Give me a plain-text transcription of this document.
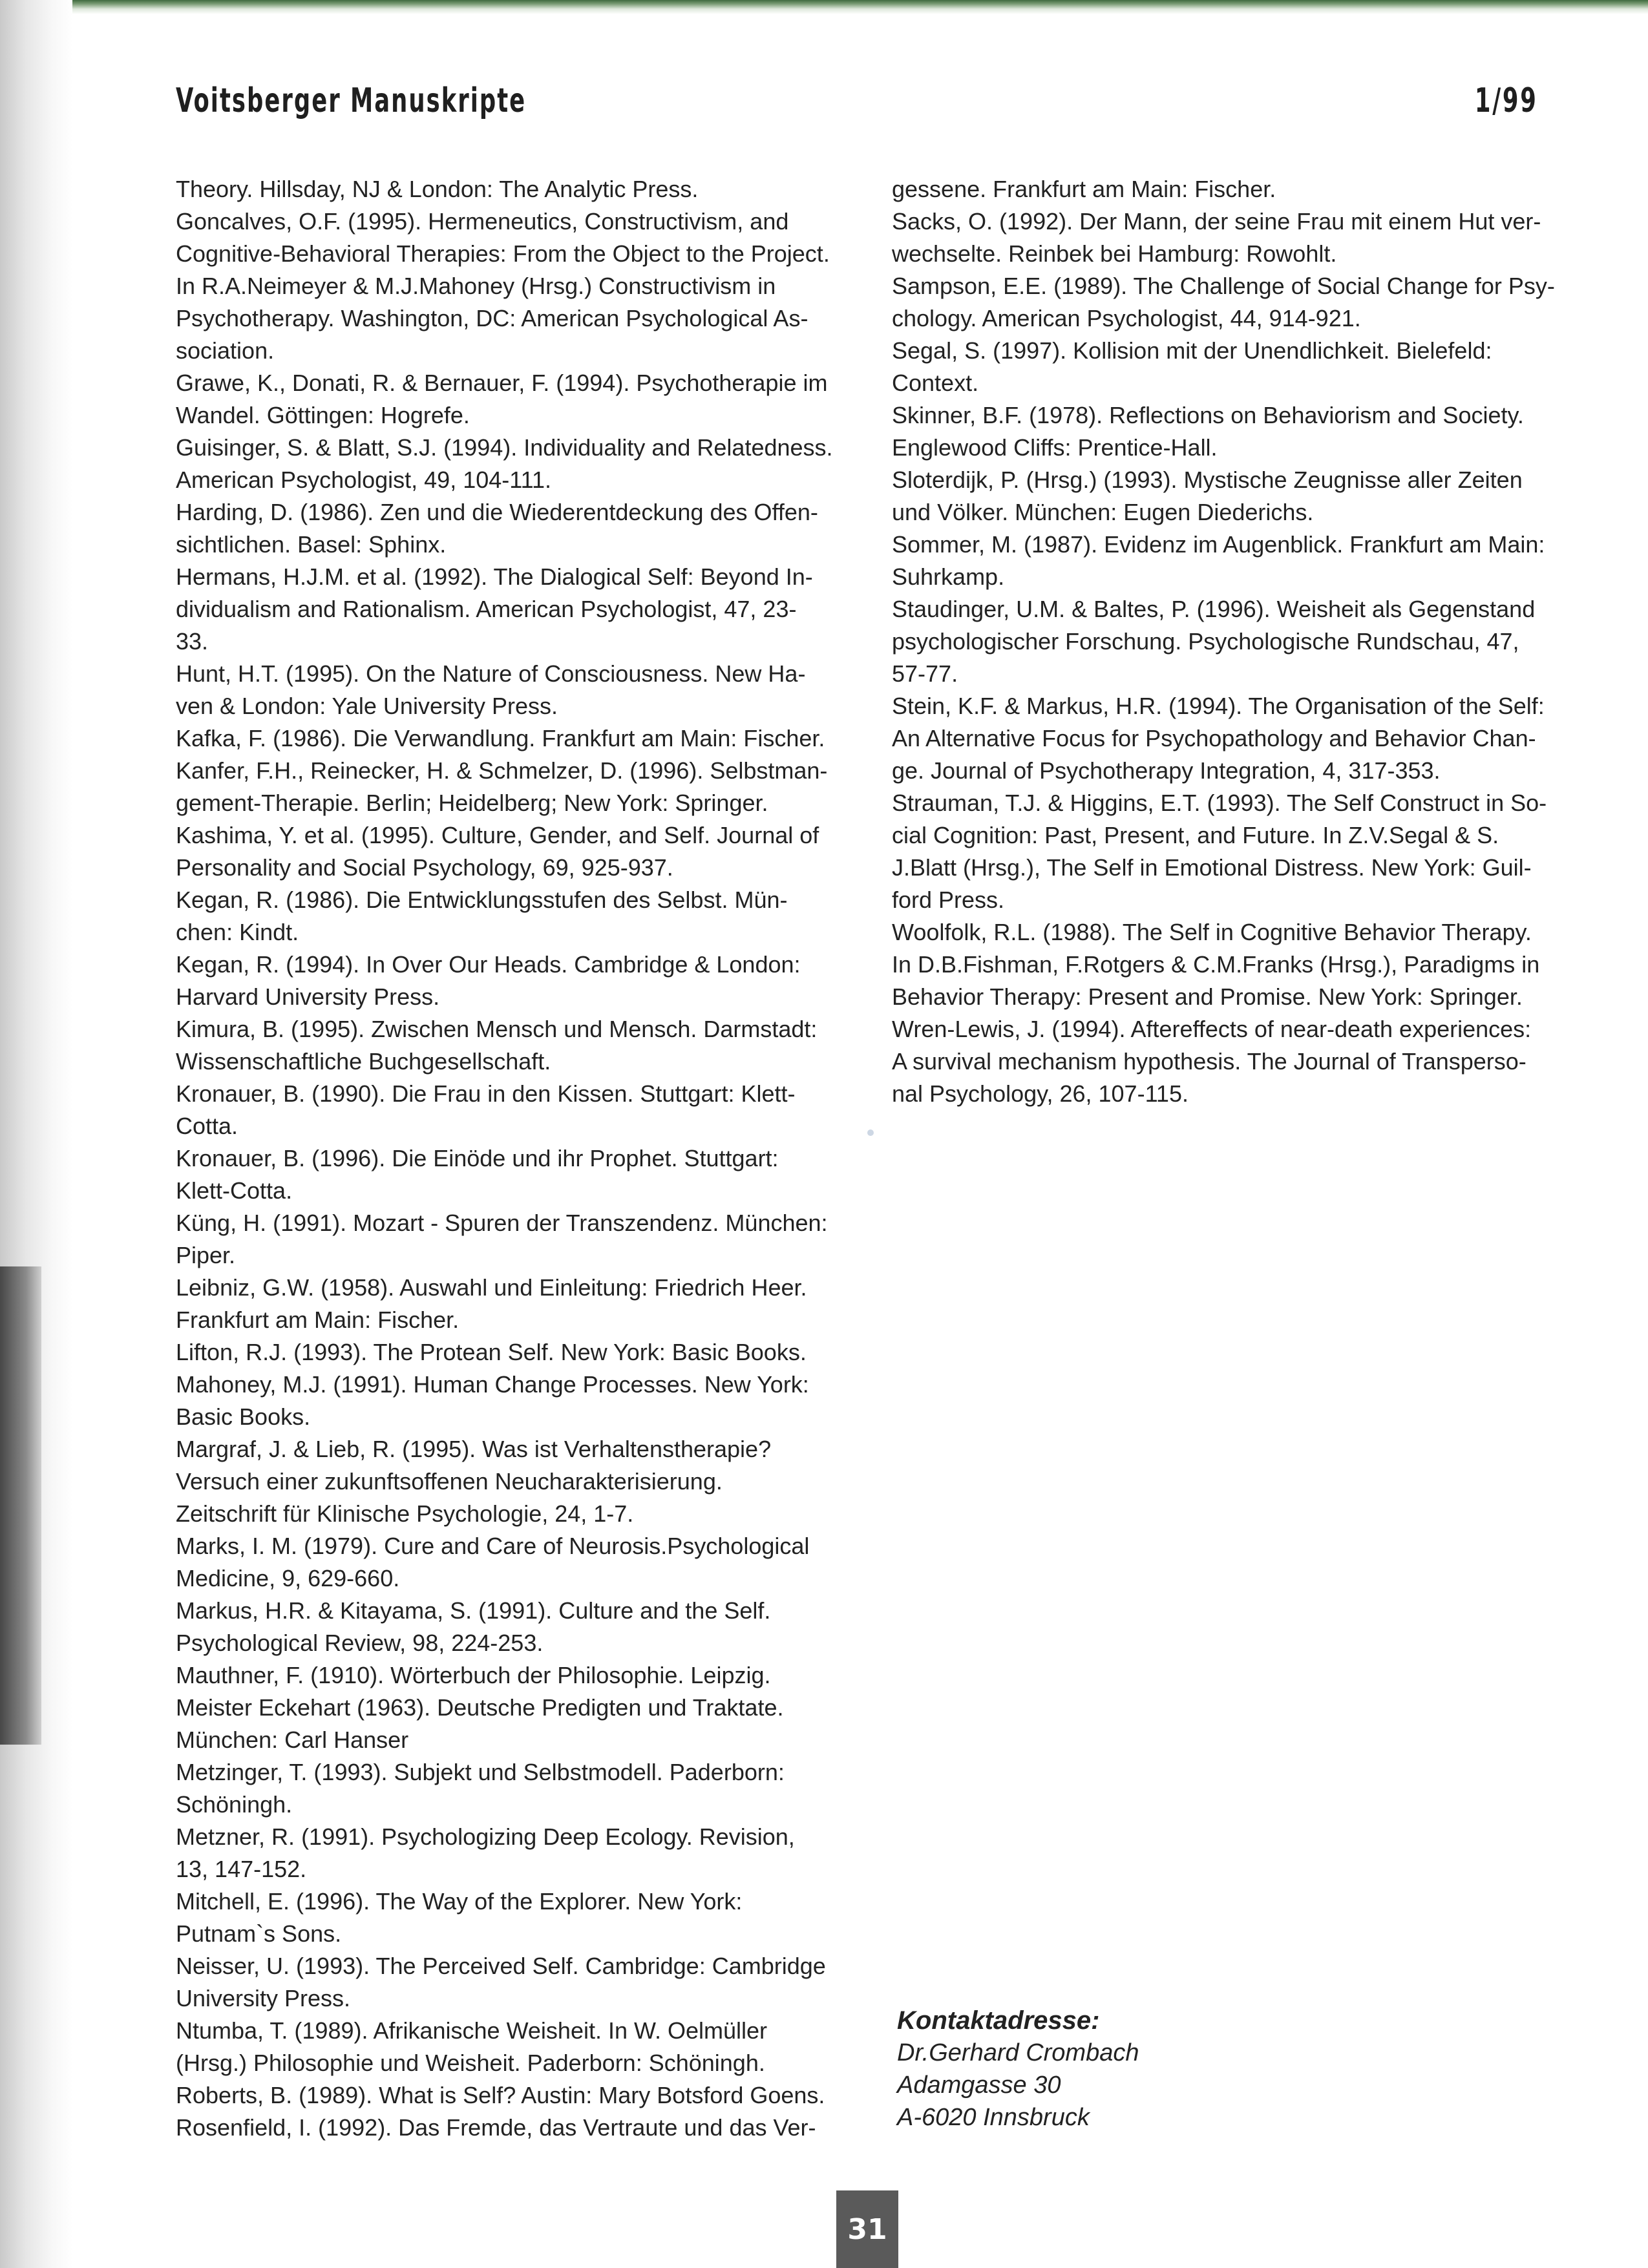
Voitsberger Manuskripte	1/99
Theory. Hillsday, NJ & London: The Analytic Press.
Goncalves, O.F. (1995). Hermeneutics, Constructivism, and
Cognitive-Behavioral Therapies: From the Object to the Project.
In R.A.Neimeyer & M.J.Mahoney (Hrsg.) Constructivism in
Psychotherapy. Washington, DC: American Psychological As-
sociation.
Grawe, K., Donati, R. & Bernauer, F. (1994). Psychotherapie im
Wandel. Göttingen: Hogrefe.
Guisinger, S. & Blatt, S.J. (1994). Individuality and Relatedness.
American Psychologist, 49, 104-111.
Harding, D. (1986). Zen und die Wiederentdeckung des Offen-
sichtlichen. Basel: Sphinx.
Hermans, H.J.M. et al. (1992). The Dialogical Self: Beyond In-
dividualism and Rationalism. American Psychologist, 47, 23-
33.
Hunt, H.T. (1995). On the Nature of Consciousness. New Ha-
ven & London: Yale University Press.
Kafka, F. (1986). Die Verwandlung. Frankfurt am Main: Fischer.
Kanfer, F.H., Reinecker, H. & Schmelzer, D. (1996). Selbstman-
gement-Therapie. Berlin; Heidelberg; New York: Springer.
Kashima, Y. et al. (1995). Culture, Gender, and Self. Journal of
Personality and Social Psychology, 69, 925-937.
Kegan, R. (1986). Die Entwicklungsstufen des Selbst. Mün-
chen: Kindt.
Kegan, R. (1994). In Over Our Heads. Cambridge & London:
Harvard University Press.
Kimura, B. (1995). Zwischen Mensch und Mensch. Darmstadt:
Wissenschaftliche Buchgesellschaft.
Kronauer, B. (1990). Die Frau in den Kissen. Stuttgart: Klett-
Cotta.
Kronauer, B. (1996). Die Einöde und ihr Prophet. Stuttgart:
Klett-Cotta.
Küng, H. (1991). Mozart - Spuren der Transzendenz. München:
Piper.
Leibniz, G.W. (1958). Auswahl und Einleitung: Friedrich Heer.
Frankfurt am Main: Fischer.
Lifton, R.J. (1993). The Protean Self. New York: Basic Books.
Mahoney, M.J. (1991). Human Change Processes. New York:
Basic Books.
Margraf, J. & Lieb, R. (1995). Was ist Verhaltenstherapie?
Versuch einer zukunftsoffenen Neucharakterisierung.
Zeitschrift für Klinische Psychologie, 24, 1-7.
Marks, I. M. (1979). Cure and Care of Neurosis.Psychological
Medicine, 9, 629-660.
Markus, H.R. & Kitayama, S. (1991). Culture and the Self.
Psychological Review, 98, 224-253.
Mauthner, F. (1910). Wörterbuch der Philosophie. Leipzig.
Meister Eckehart (1963). Deutsche Predigten und Traktate.
München: Carl Hanser
Metzinger, T. (1993). Subjekt und Selbstmodell. Paderborn:
Schöningh.
Metzner, R. (1991). Psychologizing Deep Ecology. Revision,
13, 147-152.
Mitchell, E. (1996). The Way of the Explorer. New York:
Putnam`s Sons.
Neisser, U. (1993). The Perceived Self. Cambridge: Cambridge
University Press.
Ntumba, T. (1989). Afrikanische Weisheit. In W. Oelmüller
(Hrsg.) Philosophie und Weisheit. Paderborn: Schöningh.
Roberts, B. (1989). What is Self? Austin: Mary Botsford Goens.
Rosenfield, I. (1992). Das Fremde, das Vertraute und das Ver-
gessene. Frankfurt am Main: Fischer.
Sacks, O. (1992). Der Mann, der seine Frau mit einem Hut ver-
wechselte. Reinbek bei Hamburg: Rowohlt.
Sampson, E.E. (1989). The Challenge of Social Change for Psy-
chology. American Psychologist, 44, 914-921.
Segal, S. (1997). Kollision mit der Unendlichkeit. Bielefeld:
Context.
Skinner, B.F. (1978). Reflections on Behaviorism and Society.
Englewood Cliffs: Prentice-Hall.
Sloterdijk, P. (Hrsg.) (1993). Mystische Zeugnisse aller Zeiten
und Völker. München: Eugen Diederichs.
Sommer, M. (1987). Evidenz im Augenblick. Frankfurt am Main:
Suhrkamp.
Staudinger, U.M. & Baltes, P. (1996). Weisheit als Gegenstand
psychologischer Forschung. Psychologische Rundschau, 47,
57-77.
Stein, K.F. & Markus, H.R. (1994). The Organisation of the Self:
An Alternative Focus for Psychopathology and Behavior Chan-
ge. Journal of Psychotherapy Integration, 4, 317-353.
Strauman, T.J. & Higgins, E.T. (1993). The Self Construct in So-
cial Cognition: Past, Present, and Future. In Z.V.Segal & S.
J.Blatt (Hrsg.), The Self in Emotional Distress. New York: Guil-
ford Press.
Woolfolk, R.L. (1988). The Self in Cognitive Behavior Therapy.
In D.B.Fishman, F.Rotgers & C.M.Franks (Hrsg.), Paradigms in
Behavior Therapy: Present and Promise. New York: Springer.
Wren-Lewis, J. (1994). Aftereffects of near-death experiences:
A survival mechanism hypothesis. The Journal of Transperso-
nal Psychology, 26, 107-115.
Kontaktadresse:
Dr.Gerhard Crombach
Adamgasse 30
A-6020 Innsbruck
31
